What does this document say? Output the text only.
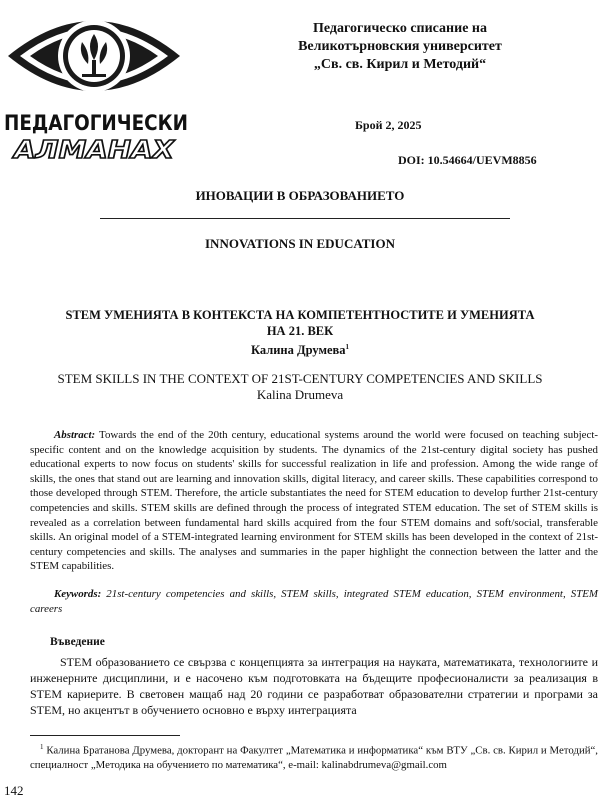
ПЕДАГОГИЧЕСКИ
АЛМАНАХ
Педагогическо списание на
Великотърновския университет
„Св. св. Кирил и Методий“
Брой 2, 2025
DOI: 10.54664/UEVM8856
ИНОВАЦИИ В ОБРАЗОВАНИЕТО
INNOVATIONS IN EDUCATION
STEM УМЕНИЯТА В КОНТЕКСТА НА КОМПЕТЕНТНОСТИТЕ И УМЕНИЯТА
НА 21. ВЕК
Калина Друмева$^1$
STEM SKILLS IN THE CONTEXT OF 21ST-CENTURY COMPETENCIES AND SKILLS
Kalina Drumeva
Abstract: Towards the end of the 20th century, educational systems around the world were focused on teaching subject-specific content and on the knowledge acquisition by students. The dynamics of the 21st-century digital society has pushed educational experts to now focus on students' skills for successful realization in life and profession. Among the wide range of skills, the ones that stand out are learning and innovation skills, digital literacy, and career skills. These capabilities correspond to those developed through STEM. Therefore, the article substantiates the need for STEM education to develop further 21st-century competencies and skills. STEM skills are defined through the process of integrated STEM education. The set of STEM skills is revealed as a correlation between fundamental hard skills acquired from the four STEM domains and soft/social, transferable skills. An original model of a STEM-integrated learning environment for STEM skills has been developed in the context of 21st-century competencies and skills. The analyses and summaries in the paper highlight the connection between the latter and the STEM capabilities.
Keywords: 21st-century competencies and skills, STEM skills, integrated STEM education, STEM environment, STEM careers
Въведение
STEM образованието се свързва с концепцията за интеграция на науката, математиката, технологиите и инженерните дисциплини, и е насочено към подготовката на бъдещите професионалисти за реализация в STEM кариерите. В световен мащаб над 20 години се разработват образователни стратегии и програми за STEM, но акцентът в обучението основно е върху интеграцията
$^1$ Калина Братанова Друмева, докторант на Факултет „Математика и информатика“ към ВТУ „Св. св. Кирил и Методий“, специалност „Методика на обучението по математика“, e-mail: kalinabdrumeva@gmail.com
142
